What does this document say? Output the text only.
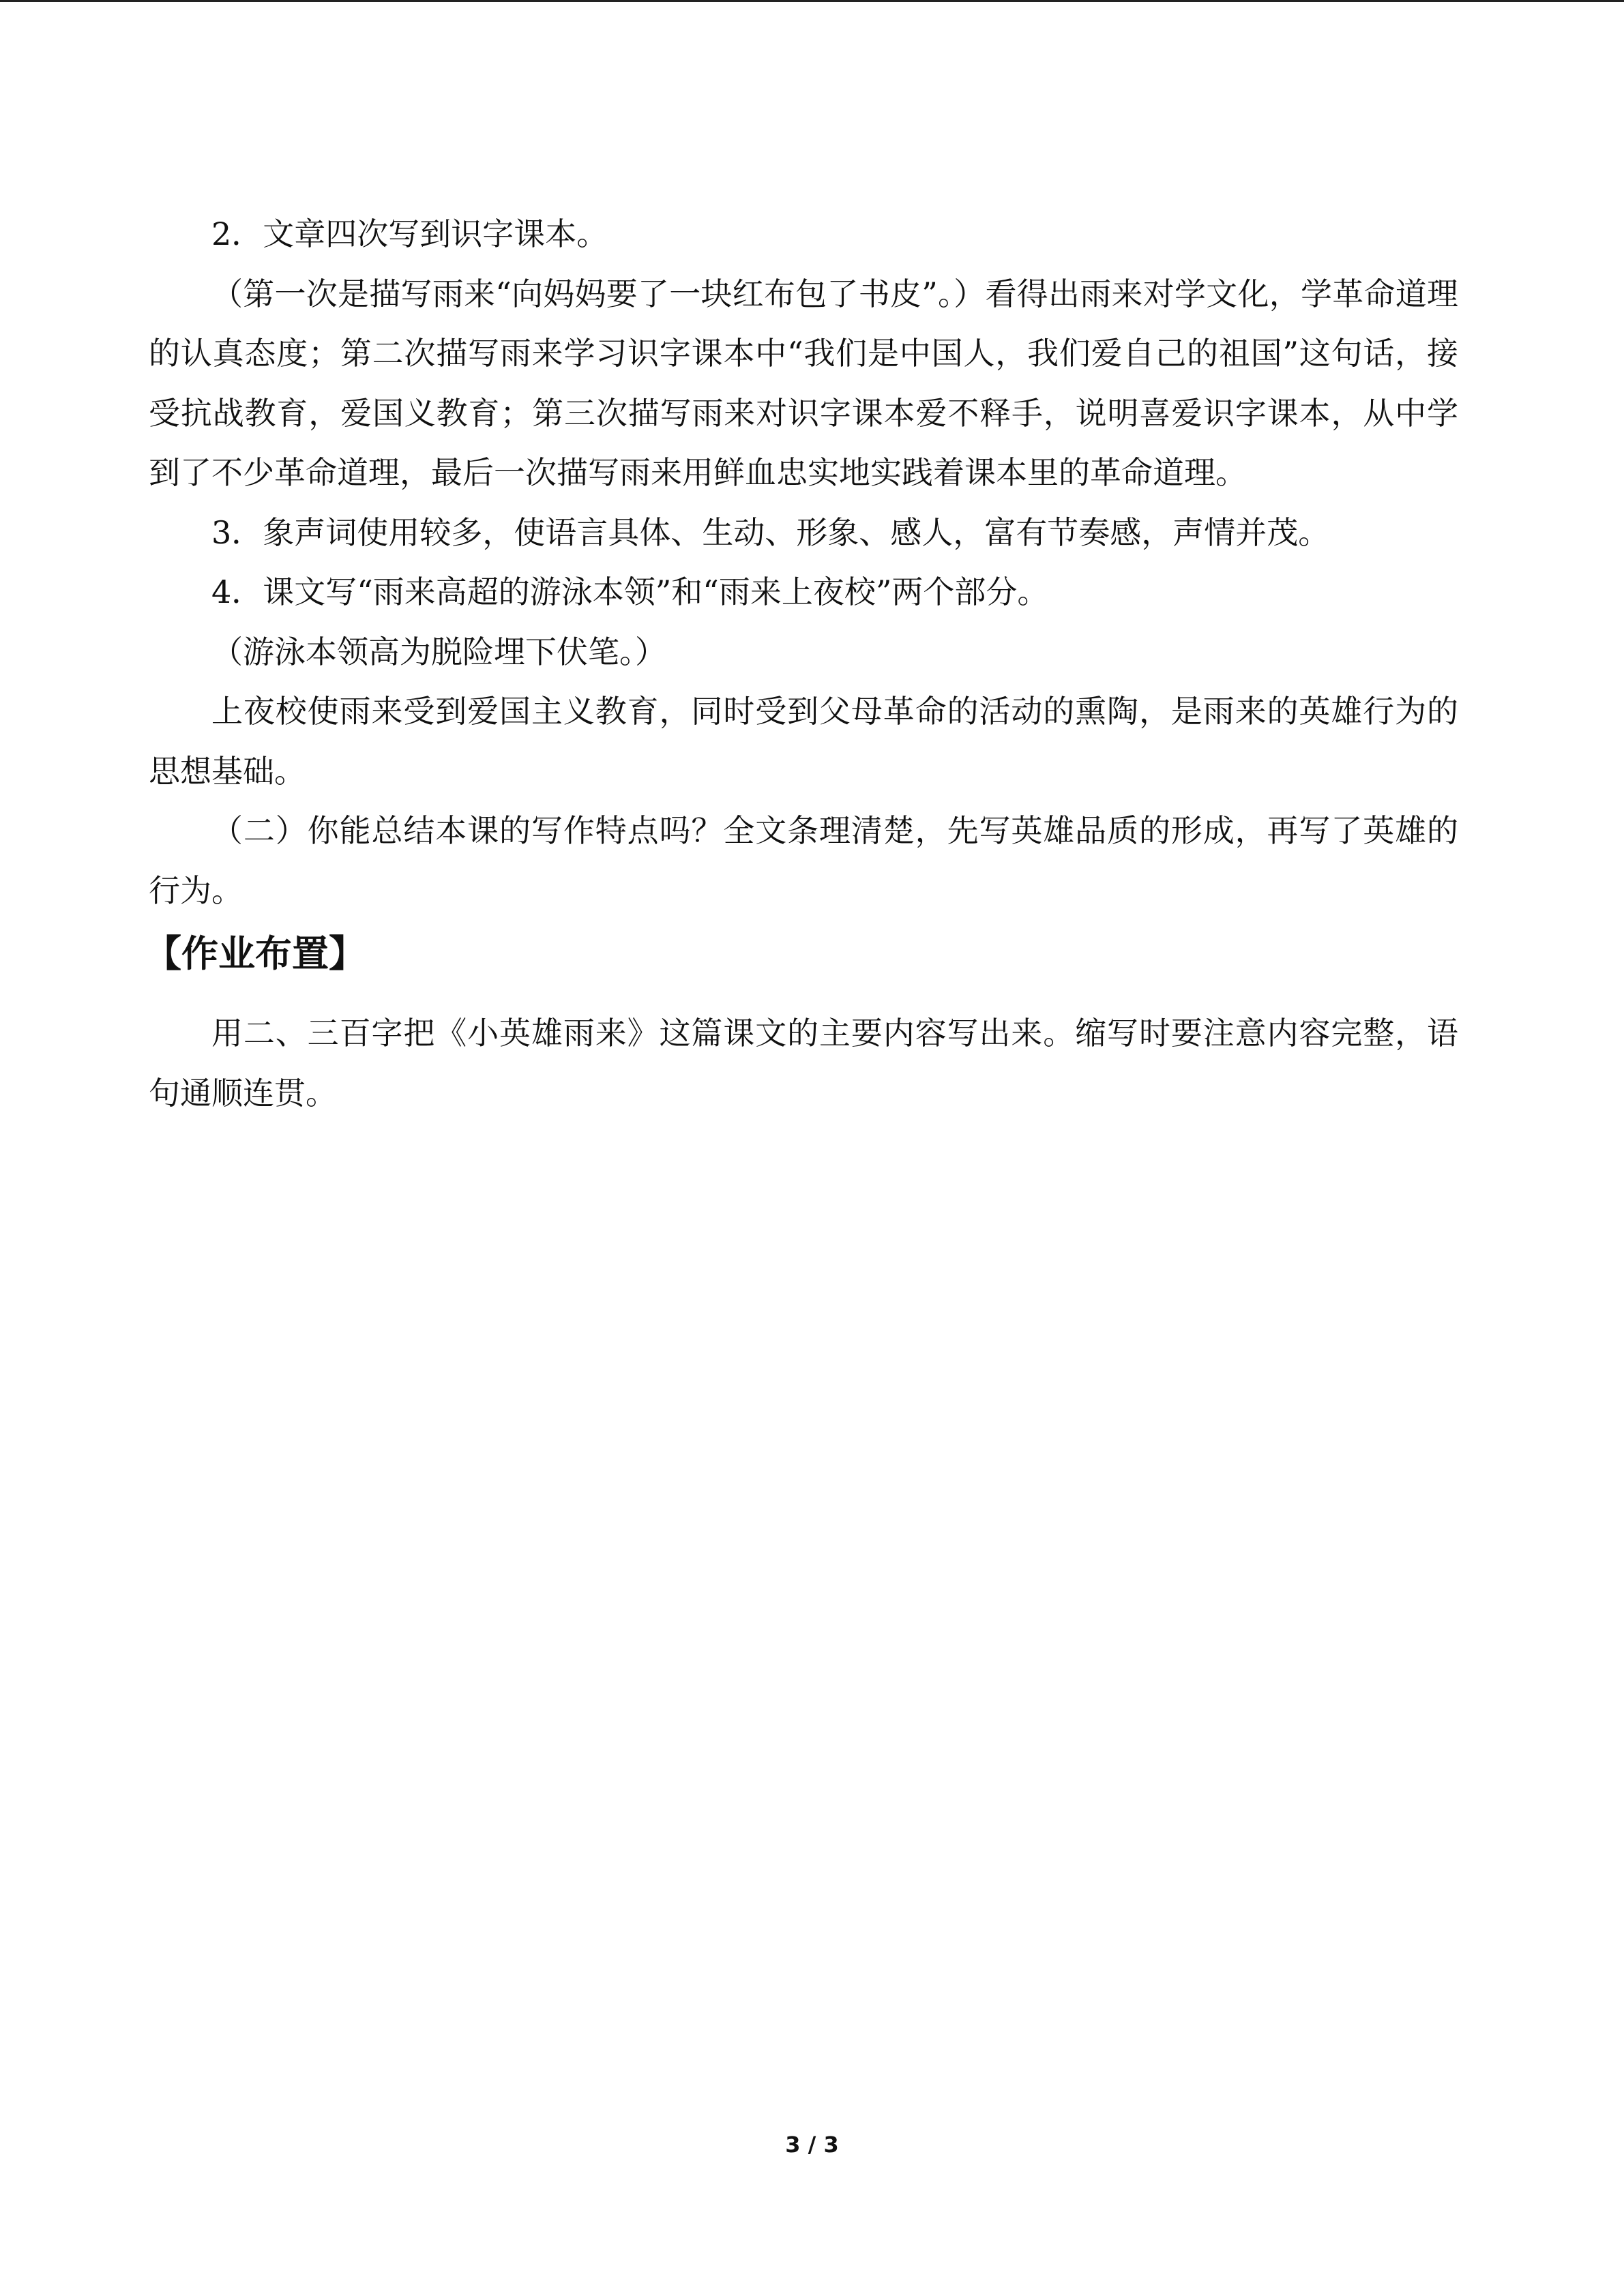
2．文章四次写到识字课本。

（第一次是描写雨来“向妈妈要了一块红布包了书皮”。）看得出雨来对学文化，学革命道理的认真态度；第二次描写雨来学习识字课本中“我们是中国人，我们爱自己的祖国”这句话，接受抗战教育，爱国义教育；第三次描写雨来对识字课本爱不释手，说明喜爱识字课本，从中学到了不少革命道理，最后一次描写雨来用鲜血忠实地实践着课本里的革命道理。

3．象声词使用较多，使语言具体、生动、形象、感人，富有节奏感，声情并茂。

4．课文写“雨来高超的游泳本领”和“雨来上夜校”两个部分。

（游泳本领高为脱险埋下伏笔。）

上夜校使雨来受到爱国主义教育，同时受到父母革命的活动的熏陶，是雨来的英雄行为的思想基础。

（二）你能总结本课的写作特点吗？全文条理清楚，先写英雄品质的形成，再写了英雄的行为。

【作业布置】

用二、三百字把《小英雄雨来》这篇课文的主要内容写出来。缩写时要注意内容完整，语句通顺连贯。

3 / 3
